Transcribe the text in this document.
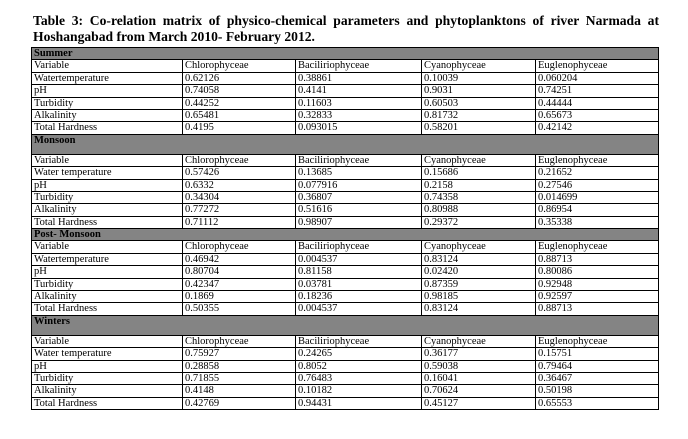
Table 3: Co-relation matrix of physico-chemical parameters and phytoplanktons of river Narmada at Hoshangabad from March 2010- February 2012.
Summer				
Variable	Chlorophyceae	Baciliriophyceae	Cyanophyceae	Euglenophyceae
Watertemperature	0.62126	0.38861	0.10039	0.060204
pH	0.74058	0.4141	0.9031	0.74251
Turbidity	0.44252	0.11603	0.60503	0.44444
Alkalinity	0.65481	0.32833	0.81732	0.65673
Total Hardness	0.4195	0.093015	0.58201	0.42142
Monsoon				
Variable	Chlorophyceae	Baciliriophyceae	Cyanophyceae	Euglenophyceae
Water temperature	0.57426	0.13685	0.15686	0.21652
pH	0.6332	0.077916	0.2158	0.27546
Turbidity	0.34304	0.36807	0.74358	0.014699
Alkalinity	0.77272	0.51616	0.80988	0.86954
Total Hardness	0.71112	0.98907	0.29372	0.35338
Post- Monsoon				
Variable	Chlorophyceae	Baciliriophyceae	Cyanophyceae	Euglenophyceae
Watertemperature	0.46942	0.004537	0.83124	0.88713
pH	0.80704	0.81158	0.02420	0.80086
Turbidity	0.42347	0.03781	0.87359	0.92948
Alkalinity	0.1869	0.18236	0.98185	0.92597
Total Hardness	0.50355	0.004537	0.83124	0.88713
Winters				
Variable	Chlorophyceae	Baciliriophyceae	Cyanophyceae	Euglenophyceae
Water temperature	0.75927	0.24265	0.36177	0.15751
pH	0.28858	0.8052	0.59038	0.79464
Turbidity	0.71855	0.76483	0.16041	0.36467
Alkalinity	0.4148	0.10182	0.70624	0.50198
Total Hardness	0.42769	0.94431	0.45127	0.65553
